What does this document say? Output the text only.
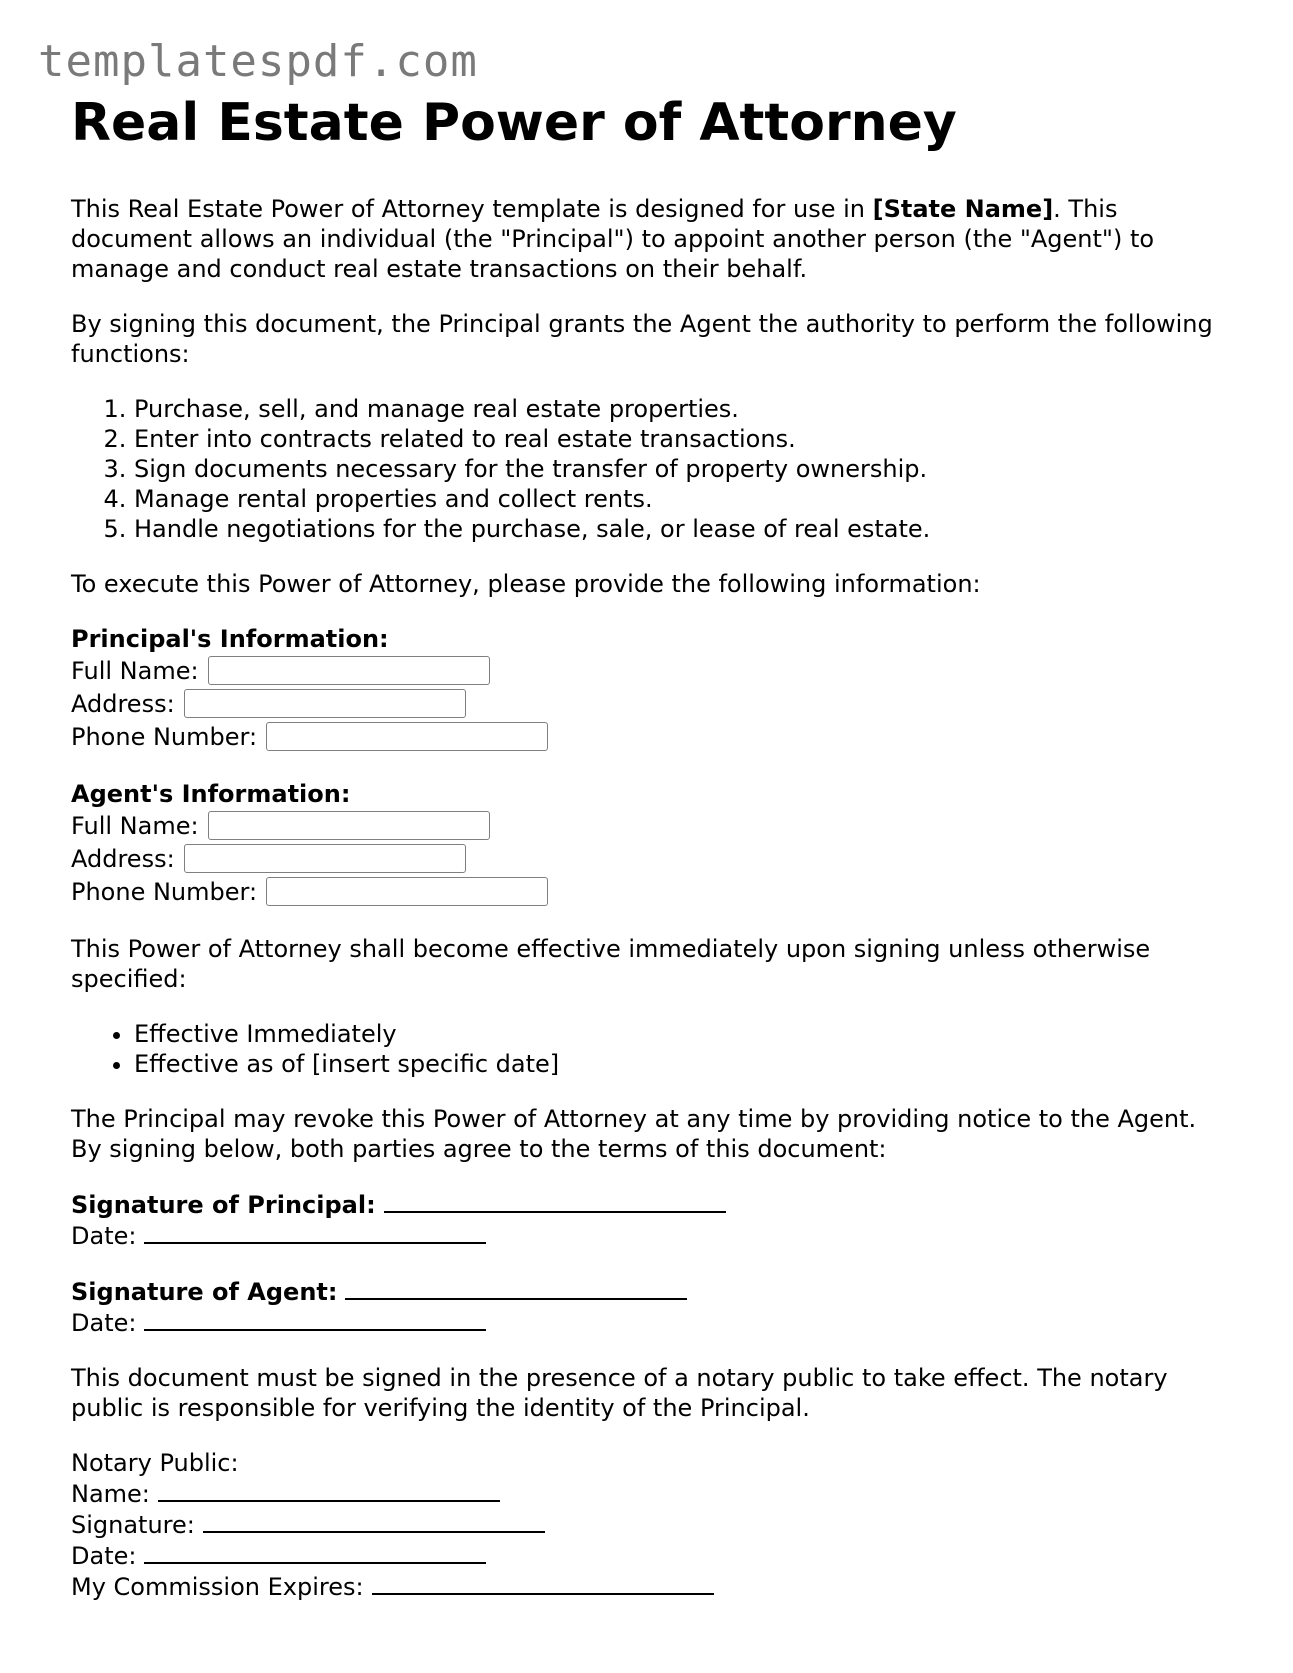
templatespdf.com
Real Estate Power of Attorney

This Real Estate Power of Attorney template is designed for use in [State Name]. This document allows an individual (the "Principal") to appoint another person (the "Agent") to manage and conduct real estate transactions on their behalf.

By signing this document, the Principal grants the Agent the authority to perform the following functions:

1. Purchase, sell, and manage real estate properties.
2. Enter into contracts related to real estate transactions.
3. Sign documents necessary for the transfer of property ownership.
4. Manage rental properties and collect rents.
5. Handle negotiations for the purchase, sale, or lease of real estate.

To execute this Power of Attorney, please provide the following information:

Principal's Information:
Full Name:
Address:
Phone Number:
Agent's Information:
Full Name:
Address:
Phone Number:

This Power of Attorney shall become effective immediately upon signing unless otherwise specified:

• Effective Immediately
• Effective as of [insert specific date]

The Principal may revoke this Power of Attorney at any time by providing notice to the Agent. By signing below, both parties agree to the terms of this document:

Signature of Principal:
Date:
Signature of Agent:
Date:

This document must be signed in the presence of a notary public to take effect. The notary public is responsible for verifying the identity of the Principal.

Notary Public:
Name:
Signature:
Date:
My Commission Expires:
